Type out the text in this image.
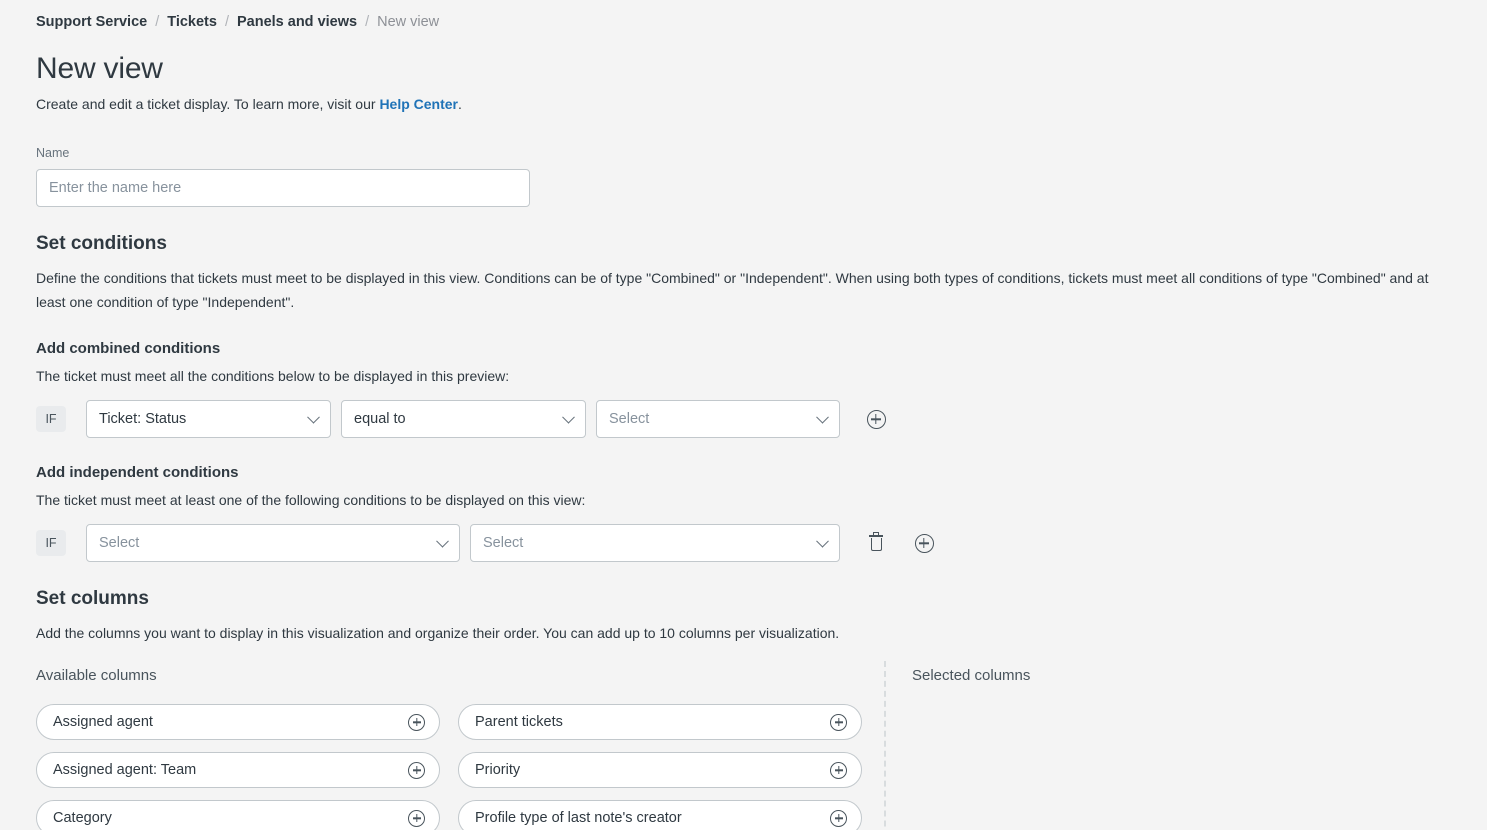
Support Service / Tickets / Panels and views / New view
New view
Create and edit a ticket display. To learn more, visit our Help Center.
Name
Enter the name here
Set conditions
Define the conditions that tickets must meet to be displayed in this view. Conditions can be of type "Combined" or "Independent". When using both types of conditions, tickets must meet all conditions of type "Combined" and at least one condition of type "Independent".
Add combined conditions
The ticket must meet all the conditions below to be displayed in this preview:
IF	Ticket: Status	equal to	Select
Add independent conditions
The ticket must meet at least one of the following conditions to be displayed on this view:
IF	Select	Select
Set columns
Add the columns you want to display in this visualization and organize their order. You can add up to 10 columns per visualization.
Available columns
Assigned agent	Parent tickets
Assigned agent: Team	Priority
Category	Profile type of last note's creator
Selected columns
